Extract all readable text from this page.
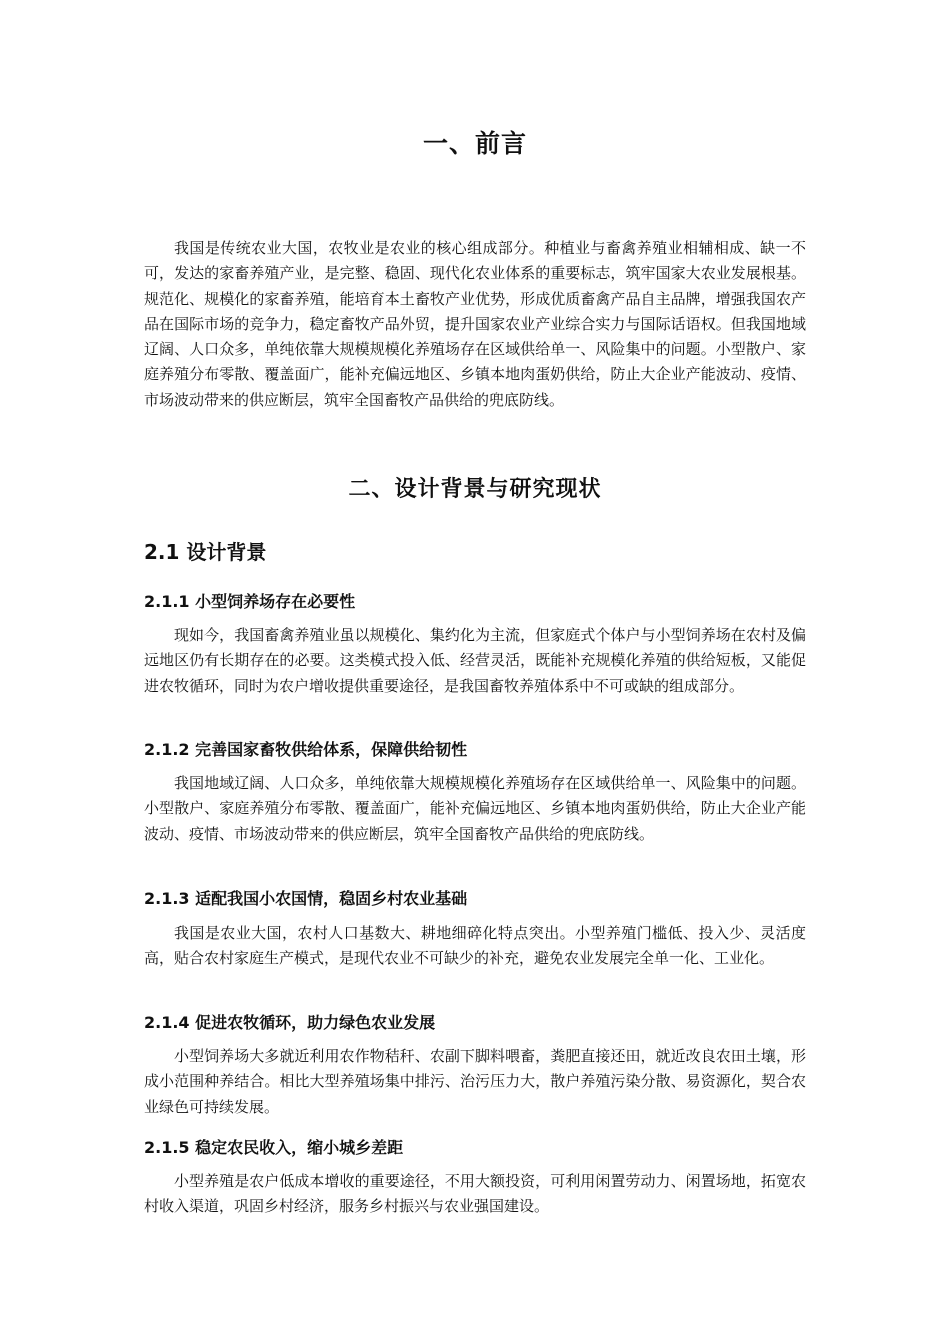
一、前言

我国是传统农业大国，农牧业是农业的核心组成部分。种植业与畜禽养殖业相辅相成、缺一不可，发达的家畜养殖产业，是完整、稳固、现代化农业体系的重要标志，筑牢国家大农业发展根基。规范化、规模化的家畜养殖，能培育本土畜牧产业优势，形成优质畜禽产品自主品牌，增强我国农产品在国际市场的竞争力，稳定畜牧产品外贸，提升国家农业产业综合实力与国际话语权。但我国地域辽阔、人口众多，单纯依靠大规模规模化养殖场存在区域供给单一、风险集中的问题。小型散户、家庭养殖分布零散、覆盖面广，能补充偏远地区、乡镇本地肉蛋奶供给，防止大企业产能波动、疫情、市场波动带来的供应断层，筑牢全国畜牧产品供给的兜底防线。

二、设计背景与研究现状
2.1 设计背景
2.1.1 小型饲养场存在必要性

现如今，我国畜禽养殖业虽以规模化、集约化为主流，但家庭式个体户与小型饲养场在农村及偏远地区仍有长期存在的必要。这类模式投入低、经营灵活，既能补充规模化养殖的供给短板，又能促进农牧循环，同时为农户增收提供重要途径，是我国畜牧养殖体系中不可或缺的组成部分。

2.1.2 完善国家畜牧供给体系，保障供给韧性

我国地域辽阔、人口众多，单纯依靠大规模规模化养殖场存在区域供给单一、风险集中的问题。小型散户、家庭养殖分布零散、覆盖面广，能补充偏远地区、乡镇本地肉蛋奶供给，防止大企业产能波动、疫情、市场波动带来的供应断层，筑牢全国畜牧产品供给的兜底防线。

2.1.3 适配我国小农国情，稳固乡村农业基础

我国是农业大国，农村人口基数大、耕地细碎化特点突出。小型养殖门槛低、投入少、灵活度高，贴合农村家庭生产模式，是现代农业不可缺少的补充，避免农业发展完全单一化、工业化。

2.1.4 促进农牧循环，助力绿色农业发展

小型饲养场大多就近利用农作物秸秆、农副下脚料喂畜，粪肥直接还田，就近改良农田土壤，形成小范围种养结合。相比大型养殖场集中排污、治污压力大，散户养殖污染分散、易资源化，契合农业绿色可持续发展。

2.1.5 稳定农民收入，缩小城乡差距

小型养殖是农户低成本增收的重要途径，不用大额投资，可利用闲置劳动力、闲置场地，拓宽农村收入渠道，巩固乡村经济，服务乡村振兴与农业强国建设。
